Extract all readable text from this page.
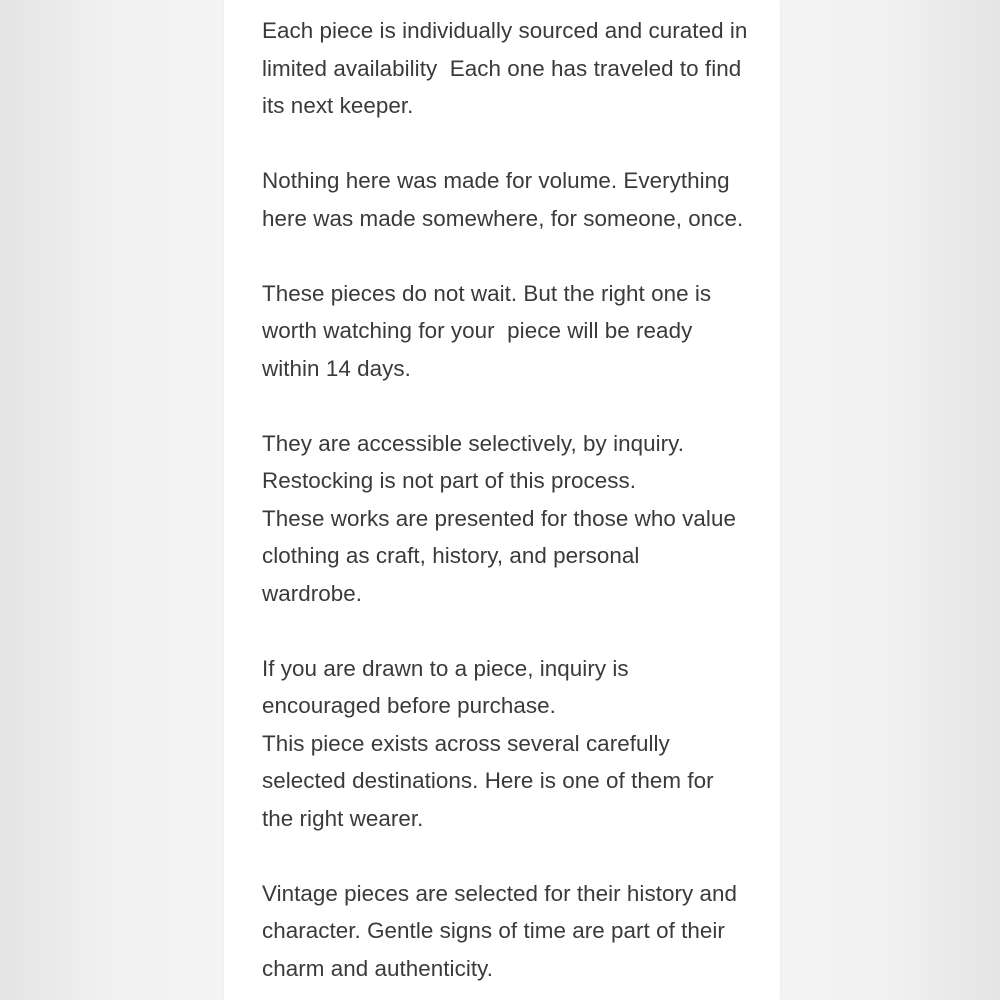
Each piece is individually sourced and curated in
limited availability  Each one has traveled to find
its next keeper.

Nothing here was made for volume. Everything
here was made somewhere, for someone, once.

These pieces do not wait. But the right one is
worth watching for your  piece will be ready
within 14 days.

They are accessible selectively, by inquiry.
Restocking is not part of this process.
These works are presented for those who value
clothing as craft, history, and personal
wardrobe.

If you are drawn to a piece, inquiry is
encouraged before purchase.
This piece exists across several carefully
selected destinations. Here is one of them for
the right wearer.

Vintage pieces are selected for their history and
character. Gentle signs of time are part of their
charm and authenticity.
